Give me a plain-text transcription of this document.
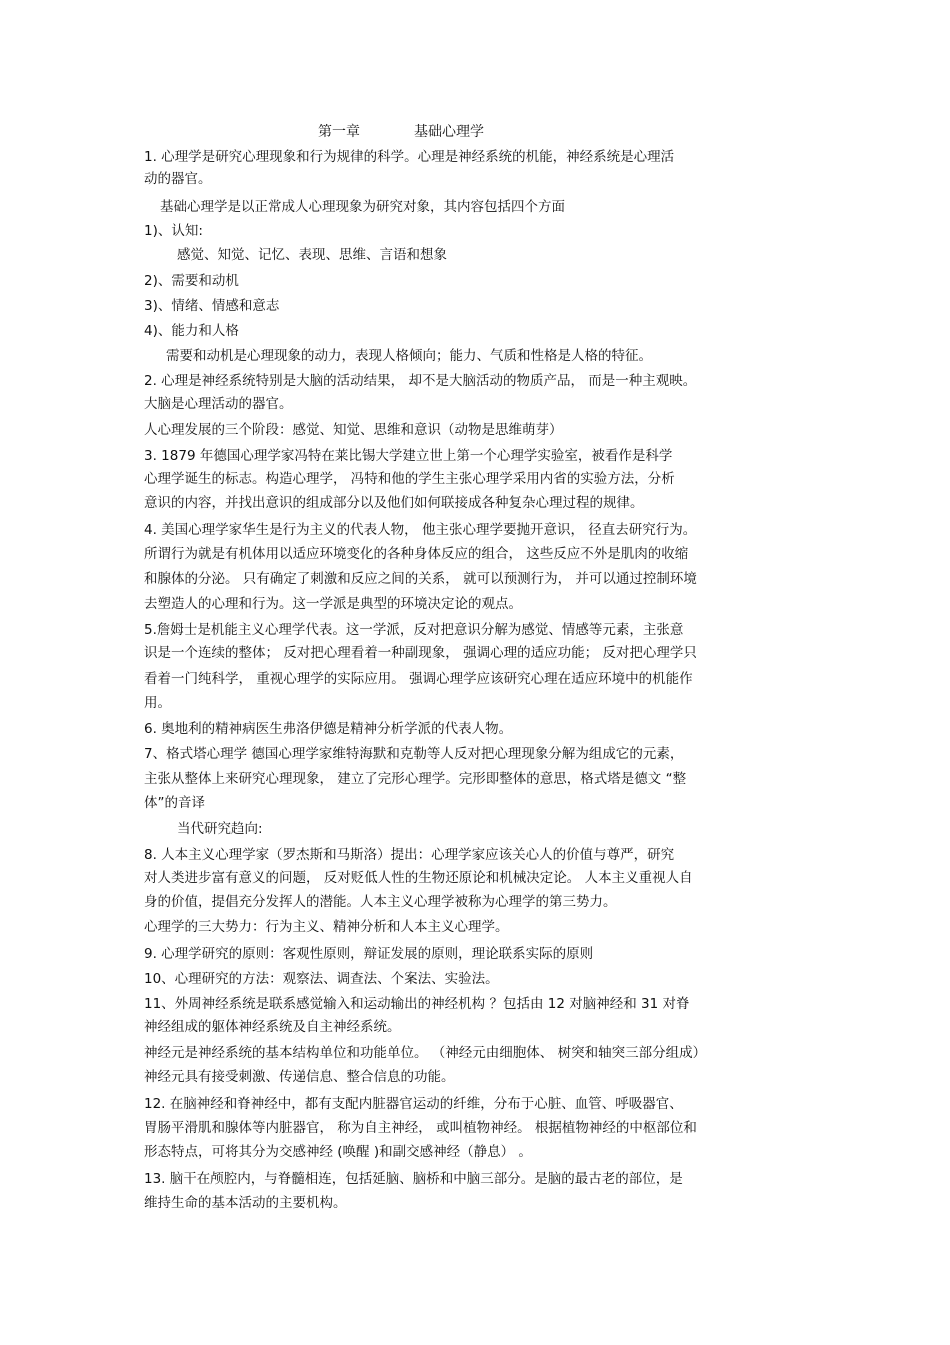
第一章	基础心理学

1. 心理学是研究心理现象和行为规律的科学。心理是神经系统的机能，神经系统是心理活

动的器官。

基础心理学是以正常成人心理现象为研究对象，其内容包括四个方面

1)、认知:

感觉、知觉、记忆、表现、思维、言语和想象

2)、需要和动机

3)、情绪、情感和意志

4)、能力和人格

需要和动机是心理现象的动力，表现人格倾向；能力、气质和性格是人格的特征。

2. 心理是神经系统特别是大脑的活动结果， 却不是大脑活动的物质产品， 而是一种主观映。

大脑是心理活动的器官。

人心理发展的三个阶段：感觉、知觉、思维和意识（动物是思维萌芽）

3. 1879 年德国心理学家冯特在莱比锡大学建立世上第一个心理学实验室，被看作是科学

心理学诞生的标志。构造心理学， 冯特和他的学生主张心理学采用内省的实验方法，分析

意识的内容，并找出意识的组成部分以及他们如何联接成各种复杂心理过程的规律。

4. 美国心理学家华生是行为主义的代表人物， 他主张心理学要抛开意识， 径直去研究行为。

所谓行为就是有机体用以适应环境变化的各种身体反应的组合， 这些反应不外是肌肉的收缩

和腺体的分泌。 只有确定了刺激和反应之间的关系， 就可以预测行为， 并可以通过控制环境

去塑造人的心理和行为。这一学派是典型的环境决定论的观点。

5.詹姆士是机能主义心理学代表。这一学派，反对把意识分解为感觉、情感等元素，主张意

识是一个连续的整体； 反对把心理看着一种副现象， 强调心理的适应功能； 反对把心理学只

看着一门纯科学， 重视心理学的实际应用。 强调心理学应该研究心理在适应环境中的机能作

用。

6. 奥地利的精神病医生弗洛伊德是精神分析学派的代表人物。

7、格式塔心理学 德国心理学家维特海默和克勒等人反对把心理现象分解为组成它的元素，

主张从整体上来研究心理现象， 建立了完形心理学。完形即整体的意思，格式塔是德文 “整

体”的音译

当代研究趋向:

8. 人本主义心理学家（罗杰斯和马斯洛）提出：心理学家应该关心人的价值与尊严，研究

对人类进步富有意义的问题， 反对贬低人性的生物还原论和机械决定论。 人本主义重视人自

身的价值，提倡充分发挥人的潜能。人本主义心理学被称为心理学的第三势力。

心理学的三大势力：行为主义、精神分析和人本主义心理学。

9. 心理学研究的原则：客观性原则，辩证发展的原则，理论联系实际的原则

10、心理研究的方法：观察法、调查法、个案法、实验法。

11、外周神经系统是联系感觉输入和运动输出的神经机构 ？包括由 12 对脑神经和 31 对脊

神经组成的躯体神经系统及自主神经系统。

神经元是神经系统的基本结构单位和功能单位。 （神经元由细胞体、 树突和轴突三部分组成）

神经元具有接受刺激、传递信息、整合信息的功能。

12. 在脑神经和脊神经中，都有支配内脏器官运动的纤维，分布于心脏、血管、呼吸器官、

胃肠平滑肌和腺体等内脏器官， 称为自主神经， 或叫植物神经。 根据植物神经的中枢部位和

形态特点，可将其分为交感神经 (唤醒 )和副交感神经（静息） 。

13. 脑干在颅腔内，与脊髓相连，包括延脑、脑桥和中脑三部分。是脑的最古老的部位，是

维持生命的基本活动的主要机构。
